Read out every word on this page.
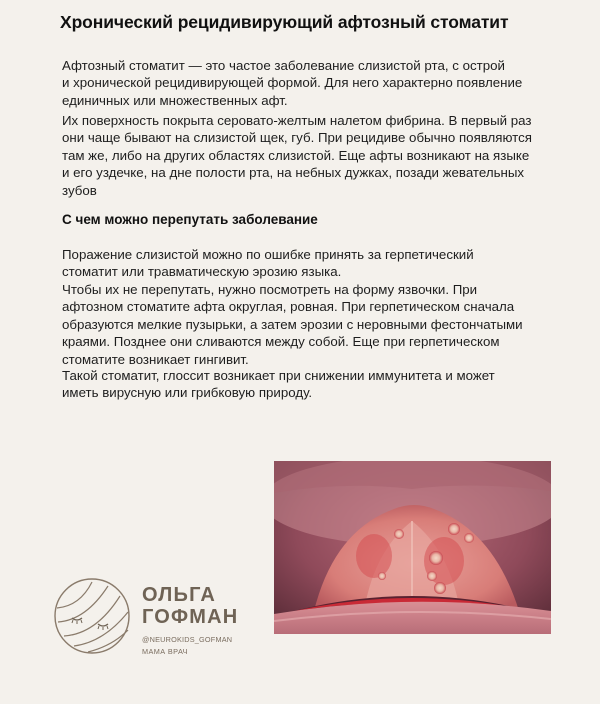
Хронический рецидивирующий афтозный стоматит
Афтозный стоматит — это частое заболевание слизистой рта, с острой
и хронической рецидивирующей формой. Для него характерно появление
единичных или множественных афт.
Их поверхность покрыта серовато-желтым налетом фибрина. В первый раз
они чаще бывают на слизистой щек, губ. При рецидиве обычно появляются
там же, либо на других областях слизистой. Еще афты возникают на языке
и его уздечке, на дне полости рта, на небных дужках, позади жевательных
зубов
С чем можно перепутать заболевание
Поражение слизистой можно по ошибке принять за герпетический
стоматит или травматическую эрозию языка.
Чтобы их не перепутать, нужно посмотреть на форму язвочки. При
афтозном стоматите афта округлая, ровная. При герпетическом сначала
образуются мелкие пузырьки, а затем эрозии с неровными фестончатыми
краями. Позднее они сливаются между собой. Еще при герпетическом
стоматите возникает гингивит.
Такой стоматит, глоссит возникает при снижении иммунитета и может
иметь вирусную или грибковую природу.

ОЛЬГА

ГОФМАН

@NEUROKIDS_GOFMAN

МАМА ВРАЧ
